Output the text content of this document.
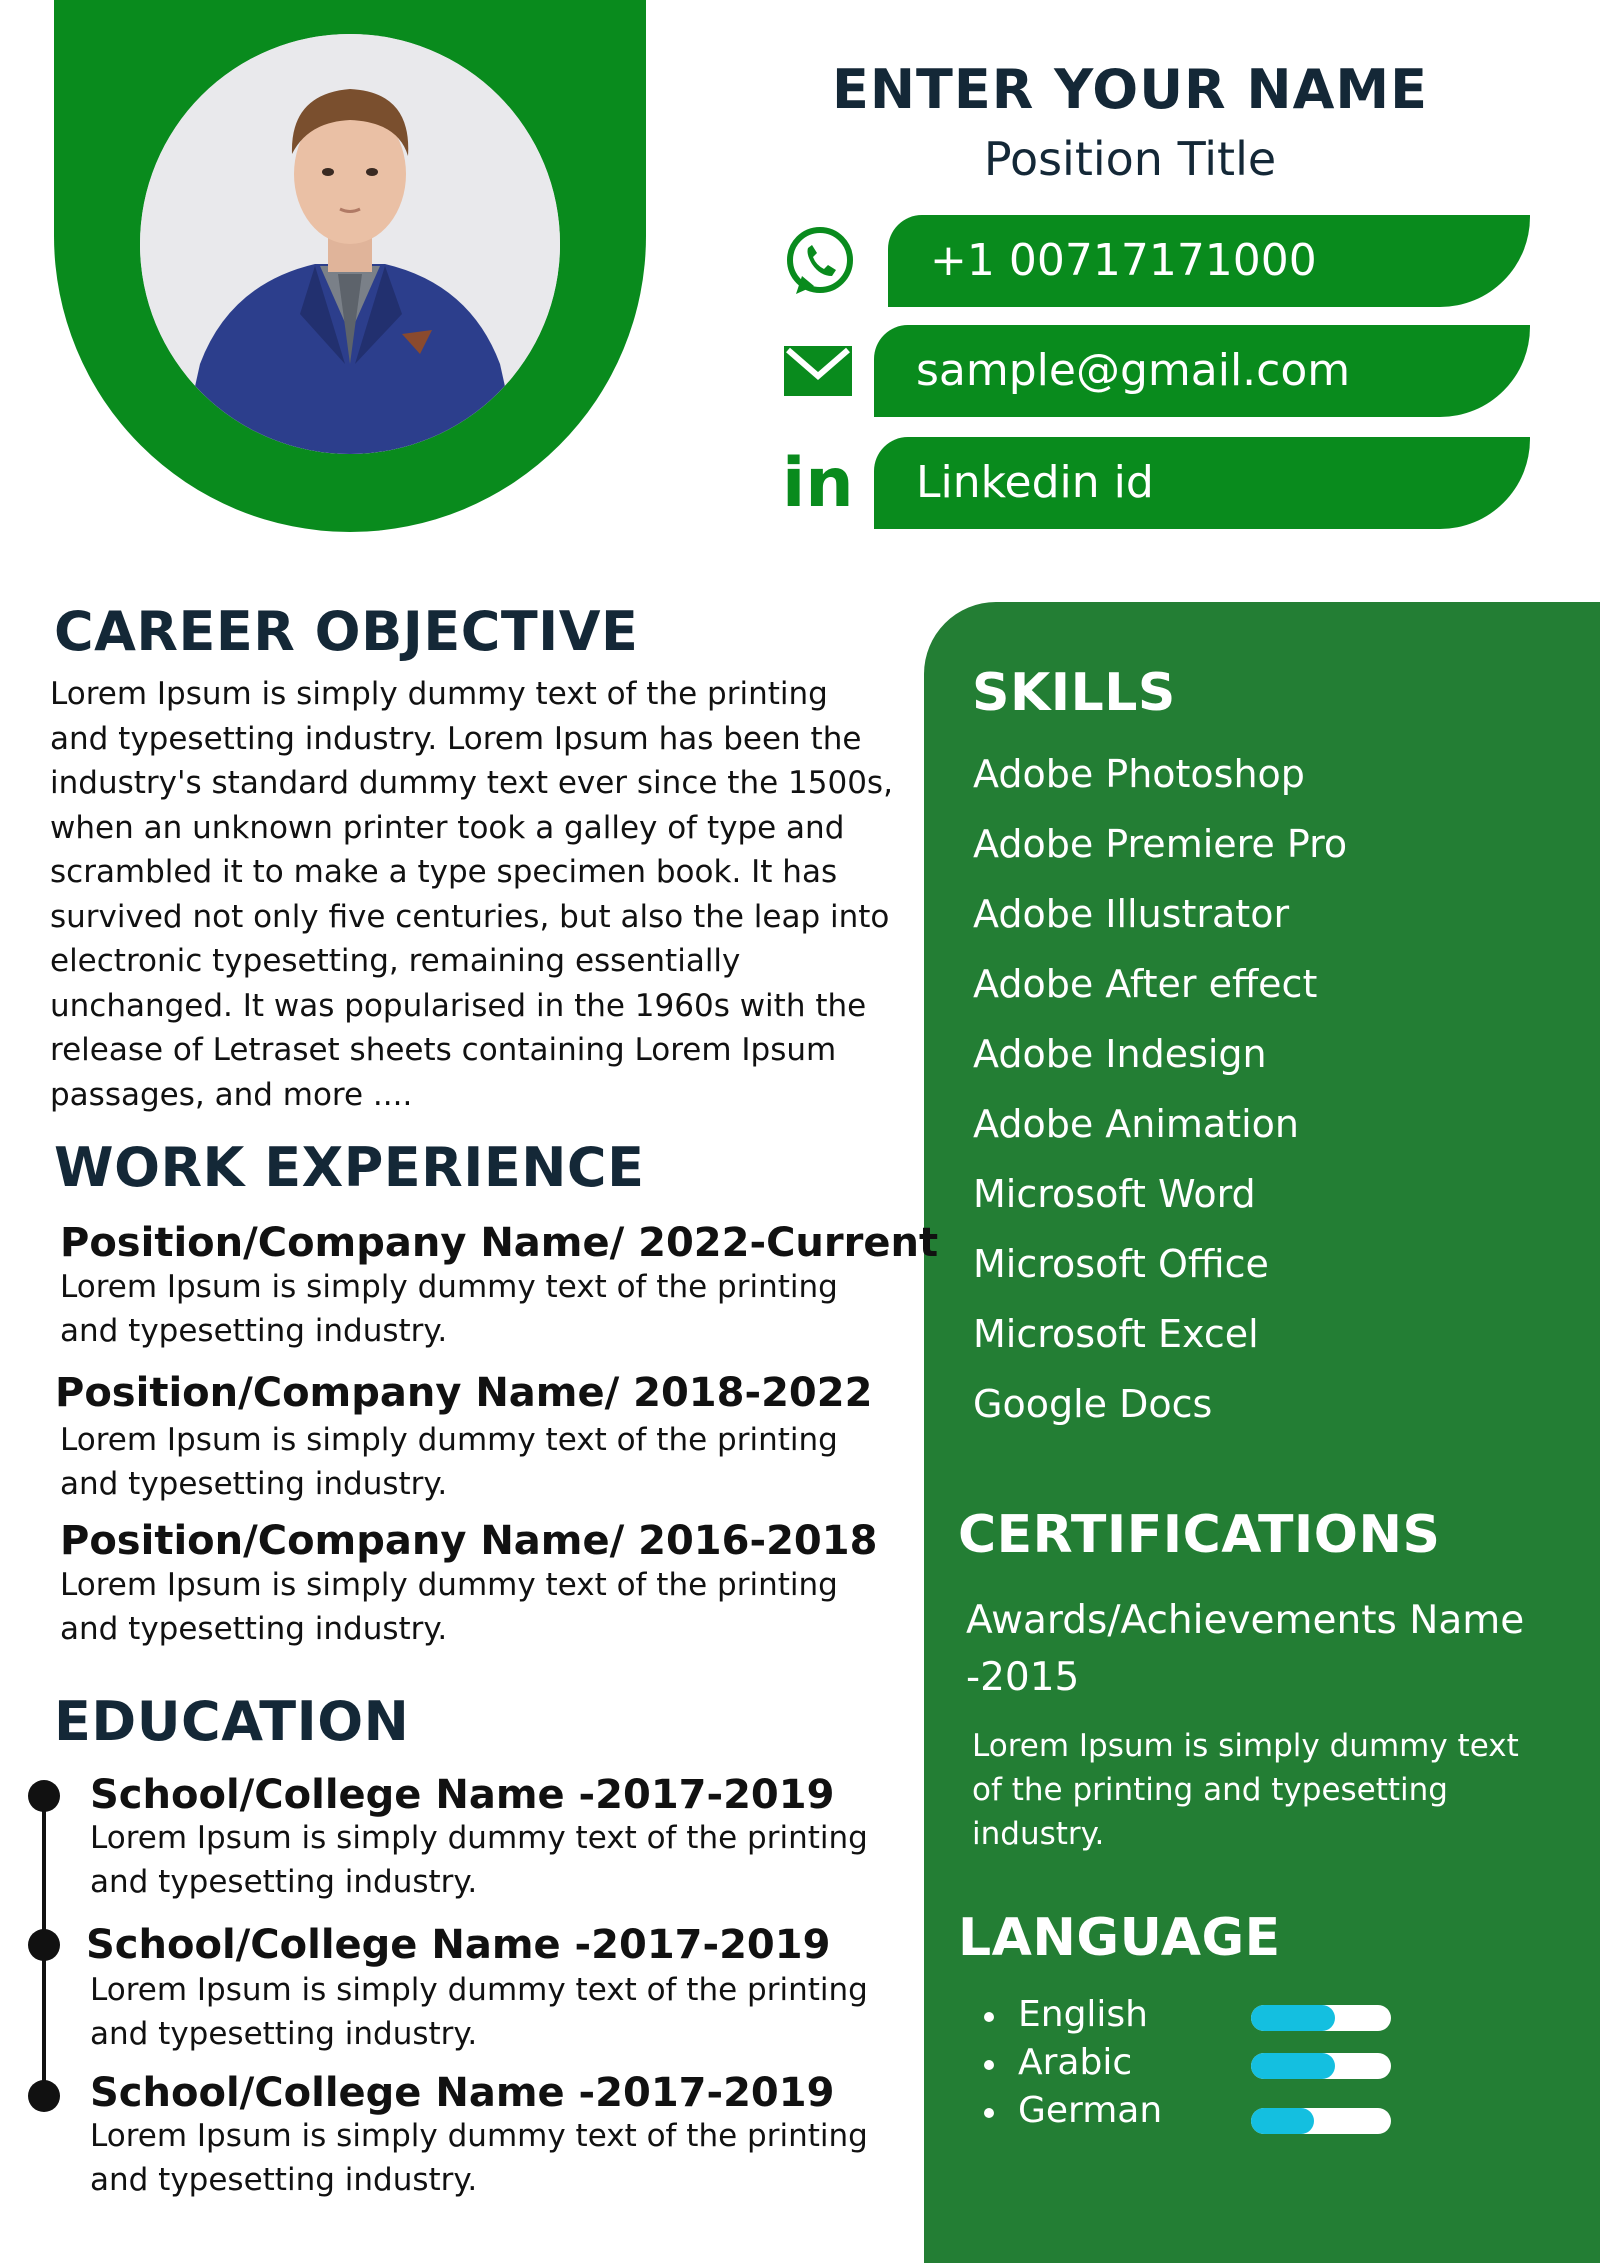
ENTER YOUR NAME
Position Title
+1 00717171000
sample@gmail.com
in	Linkedin id
SKILLS
Adobe Photoshop
Adobe Premiere Pro
Adobe Illustrator
Adobe After effect
Adobe Indesign
Adobe Animation
Microsoft Word
Microsoft Office
Microsoft Excel
Google Docs
CERTIFICATIONS
Awards/Achievements Name
-2015
Lorem Ipsum is simply dummy text
of the printing and typesetting
industry.
LANGUAGE
English
Arabic
German
CAREER OBJECTIVE
Lorem Ipsum is simply dummy text of the printing
and typesetting industry. Lorem Ipsum has been the
industry's standard dummy text ever since the 1500s,
when an unknown printer took a galley of type and
scrambled it to make a type specimen book. It has
survived not only five centuries, but also the leap into
electronic typesetting, remaining essentially
unchanged. It was popularised in the 1960s with the
release of Letraset sheets containing Lorem Ipsum
passages, and more ....
WORK EXPERIENCE
Position/Company Name/ 2022-Current
Lorem Ipsum is simply dummy text of the printing
and typesetting industry.
Position/Company Name/ 2018-2022
Lorem Ipsum is simply dummy text of the printing
and typesetting industry.
Position/Company Name/ 2016-2018
Lorem Ipsum is simply dummy text of the printing
and typesetting industry.
EDUCATION
School/College Name -2017-2019
Lorem Ipsum is simply dummy text of the printing
and typesetting industry.
School/College Name -2017-2019
Lorem Ipsum is simply dummy text of the printing
and typesetting industry.
School/College Name -2017-2019
Lorem Ipsum is simply dummy text of the printing
and typesetting industry.
